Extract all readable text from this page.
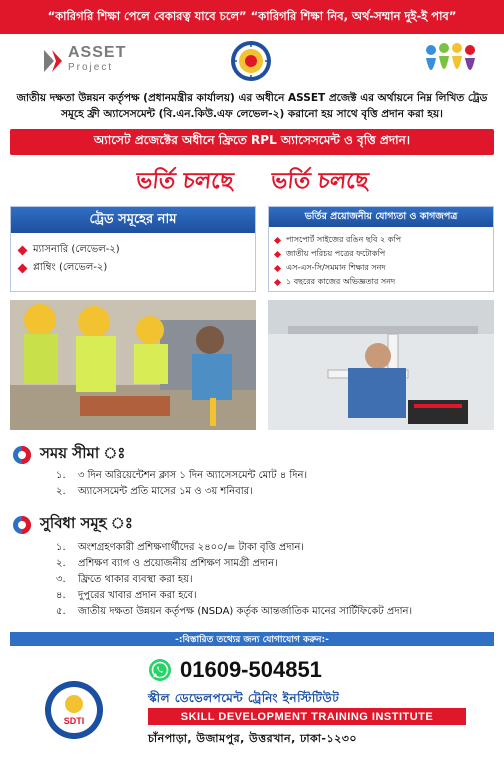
“কারিগরি শিক্ষা পেলে বেকারত্ব যাবে চলে” “কারিগরি শিক্ষা নিব, অর্থ-সম্মান দুই-ই পাব”
ASSET
Project
জাতীয় দক্ষতা উন্নয়ন কর্তৃপক্ষ (প্রধানমন্ত্রীর কার্যালয়) এর অধীনে ASSET প্রজেক্ট এর অর্থায়নে নিম্ন লিখিত ট্রেড সমূহে ফ্রী অ্যাসেসমেন্ট (বি.এন.কিউ.এফ লেভেল-২) করানো হয় সাথে বৃত্তি প্রদান করা হয়।
অ্যাসেট প্রজেক্টের অধীনে ফ্রিতে RPL অ্যাসেসমেন্ট ও বৃত্তি প্রদান।
ভর্তি চলছে ভর্তি চলছে
ট্রেড সমূহের নাম
ম্যাসনারি (লেভেল-২)
প্লাম্বিং (লেভেল-২)
ভর্তির প্রয়োজনীয় যোগ্যতা ও কাগজপত্র
পাসপোর্ট সাইজের রঙিন ছবি ২ কপি
জাতীয় পরিচয় পত্রের ফটোকপি
এস-এস-সি/সমমান শিক্ষার সনদ
১ বছরের কাজের অভিজ্ঞতার সনদ
সময় সীমা ঃ
১. ৩ দিন অরিয়েন্টেশন ক্লাস ১ দিন অ্যাসেসমেন্ট মোট ৪ দিন।
২. অ্যাসেসমেন্ট প্রতি মাসের ১ম ও ৩য় শনিবার।
সুবিধা সমূহ ঃ
১. অংশগ্রহণকারী প্রশিক্ষণার্থীদের ২৪০০/= টাকা বৃত্তি প্রদান।
২. প্রশিক্ষণ ব্যাগ ও প্রয়োজনীয় প্রশিক্ষণ সামগ্রী প্রদান।
৩. ফ্রিতে থাকার ব্যবস্থা করা হয়।
৪. দুপুরের খাবার প্রদান করা হবে।
৫. জাতীয় দক্ষতা উন্নয়ন কর্তৃপক্ষ (NSDA) কর্তৃক আন্তর্জাতিক মানের সার্টিফিকেট প্রদান।
-:বিস্তারিত তথ্যের জন্য যোগাযোগ করুন:-
01609-504851
SDTI
স্কীল ডেভেলপমেন্ট ট্রেনিং ইনস্টিটিউট
SKILL DEVELOPMENT TRAINING INSTITUTE
চাঁনপাড়া, উজামপুর, উত্তরখান, ঢাকা-১২৩০
